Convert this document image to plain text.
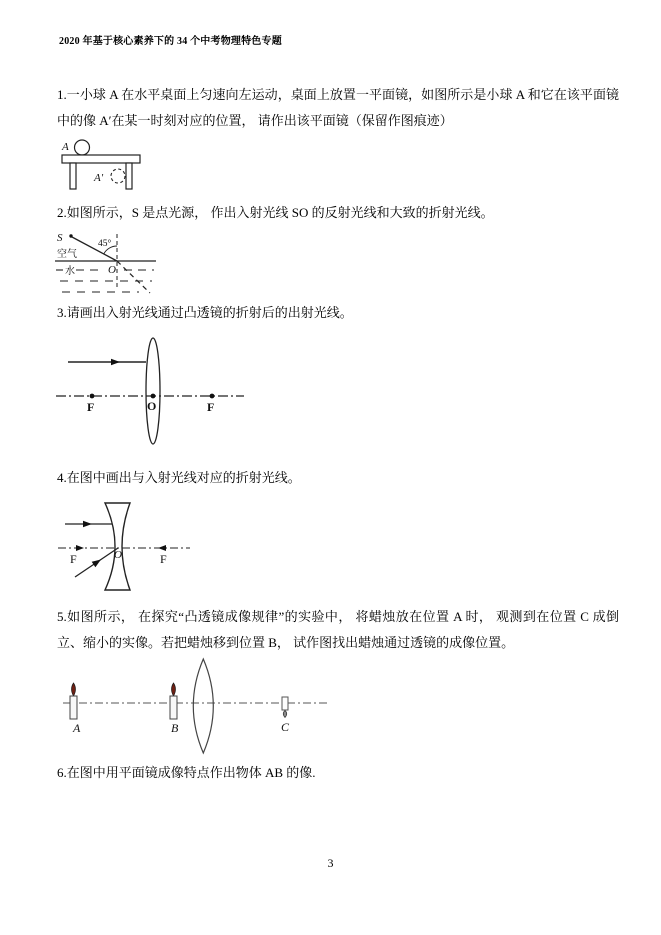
2020 年基于核心素养下的 34 个中考物理特色专题

1.一小球 A 在水平桌面上匀速向左运动，桌面上放置一平面镜，如图所示是小球 A 和它在该平面镜中的像 A′在某一时刻对应的位置， 请作出该平面镜（保留作图痕迹）

A
A′

2.如图所示，S 是点光源， 作出入射光线 SO 的反射光线和大致的折射光线。

S	45°
空气
水	O

3.请画出入射光线通过凸透镜的折射后的出射光线。

F	O	F

4.在图中画出与入射光线对应的折射光线。

F	F
O

5.如图所示， 在探究“凸透镜成像规律”的实验中， 将蜡烛放在位置 A 时， 观测到在位置 C 成倒立、缩小的实像。若把蜡烛移到位置 B， 试作图找出蜡烛通过透镜的成像位置。

A	B	C

6.在图中用平面镜成像特点作出物体 AB 的像.

3
